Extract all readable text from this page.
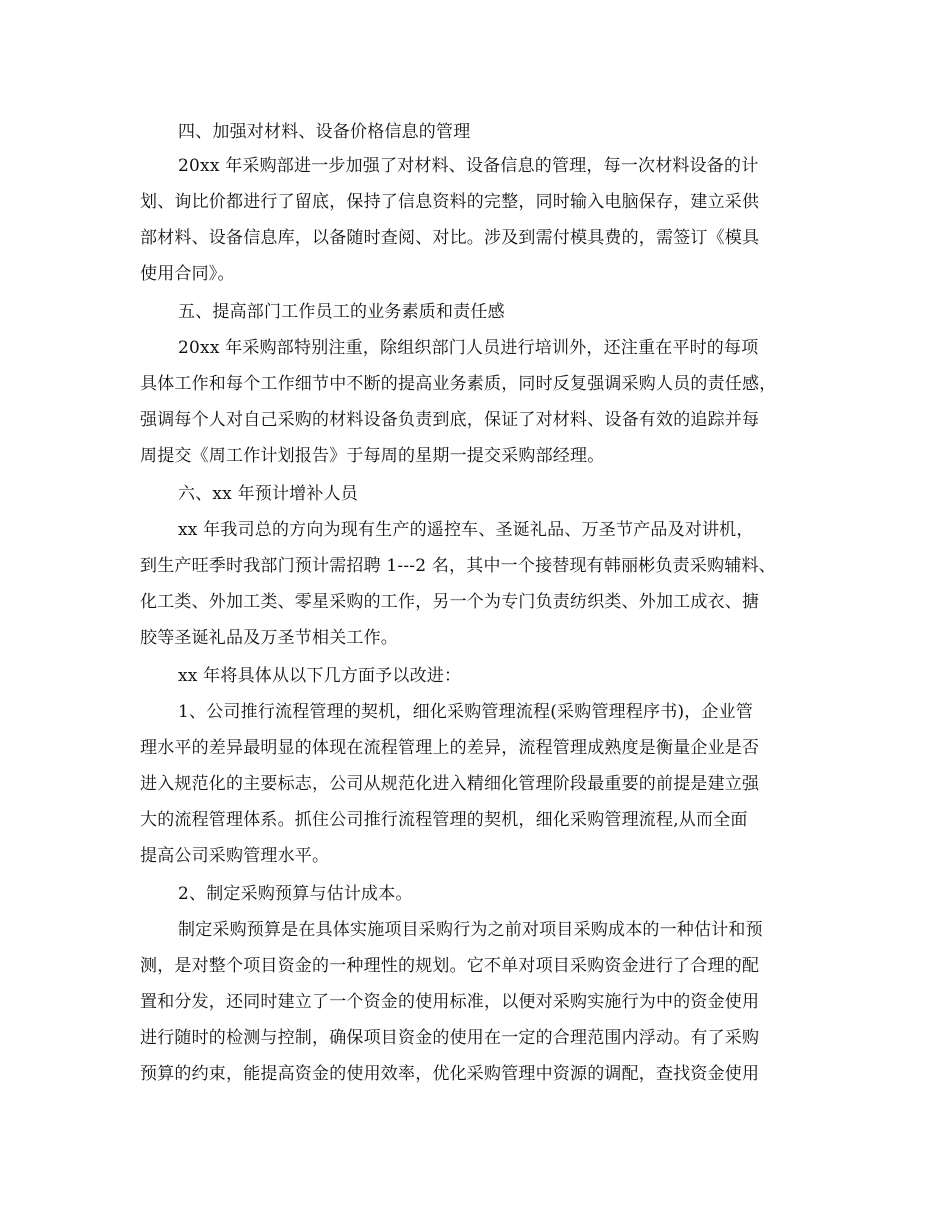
四、加强对材料、设备价格信息的管理
20xx 年采购部进一步加强了对材料、设备信息的管理，每一次材料设备的计
划、询比价都进行了留底，保持了信息资料的完整，同时输入电脑保存，建立采供
部材料、设备信息库，以备随时查阅、对比。涉及到需付模具费的，需签订《模具
使用合同》。
五、提高部门工作员工的业务素质和责任感
20xx 年采购部特别注重，除组织部门人员进行培训外，还注重在平时的每项
具体工作和每个工作细节中不断的提高业务素质，同时反复强调采购人员的责任感，
强调每个人对自己采购的材料设备负责到底，保证了对材料、设备有效的追踪并每
周提交《周工作计划报告》于每周的星期一提交采购部经理。
六、xx 年预计增补人员
xx 年我司总的方向为现有生产的遥控车、圣诞礼品、万圣节产品及对讲机，
到生产旺季时我部门预计需招聘 1---2 名，其中一个接替现有韩丽彬负责采购辅料、
化工类、外加工类、零星采购的工作，另一个为专门负责纺织类、外加工成衣、搪
胶等圣诞礼品及万圣节相关工作。
xx 年将具体从以下几方面予以改进：
1、公司推行流程管理的契机，细化采购管理流程(采购管理程序书)，企业管
理水平的差异最明显的体现在流程管理上的差异，流程管理成熟度是衡量企业是否
进入规范化的主要标志，公司从规范化进入精细化管理阶段最重要的前提是建立强
大的流程管理体系。抓住公司推行流程管理的契机，细化采购管理流程,从而全面
提高公司采购管理水平。
2、制定采购预算与估计成本。
制定采购预算是在具体实施项目采购行为之前对项目采购成本的一种估计和预
测，是对整个项目资金的一种理性的规划。它不单对项目采购资金进行了合理的配
置和分发，还同时建立了一个资金的使用标准，以便对采购实施行为中的资金使用
进行随时的检测与控制，确保项目资金的使用在一定的合理范围内浮动。有了采购
预算的约束，能提高资金的使用效率，优化采购管理中资源的调配，查找资金使用
